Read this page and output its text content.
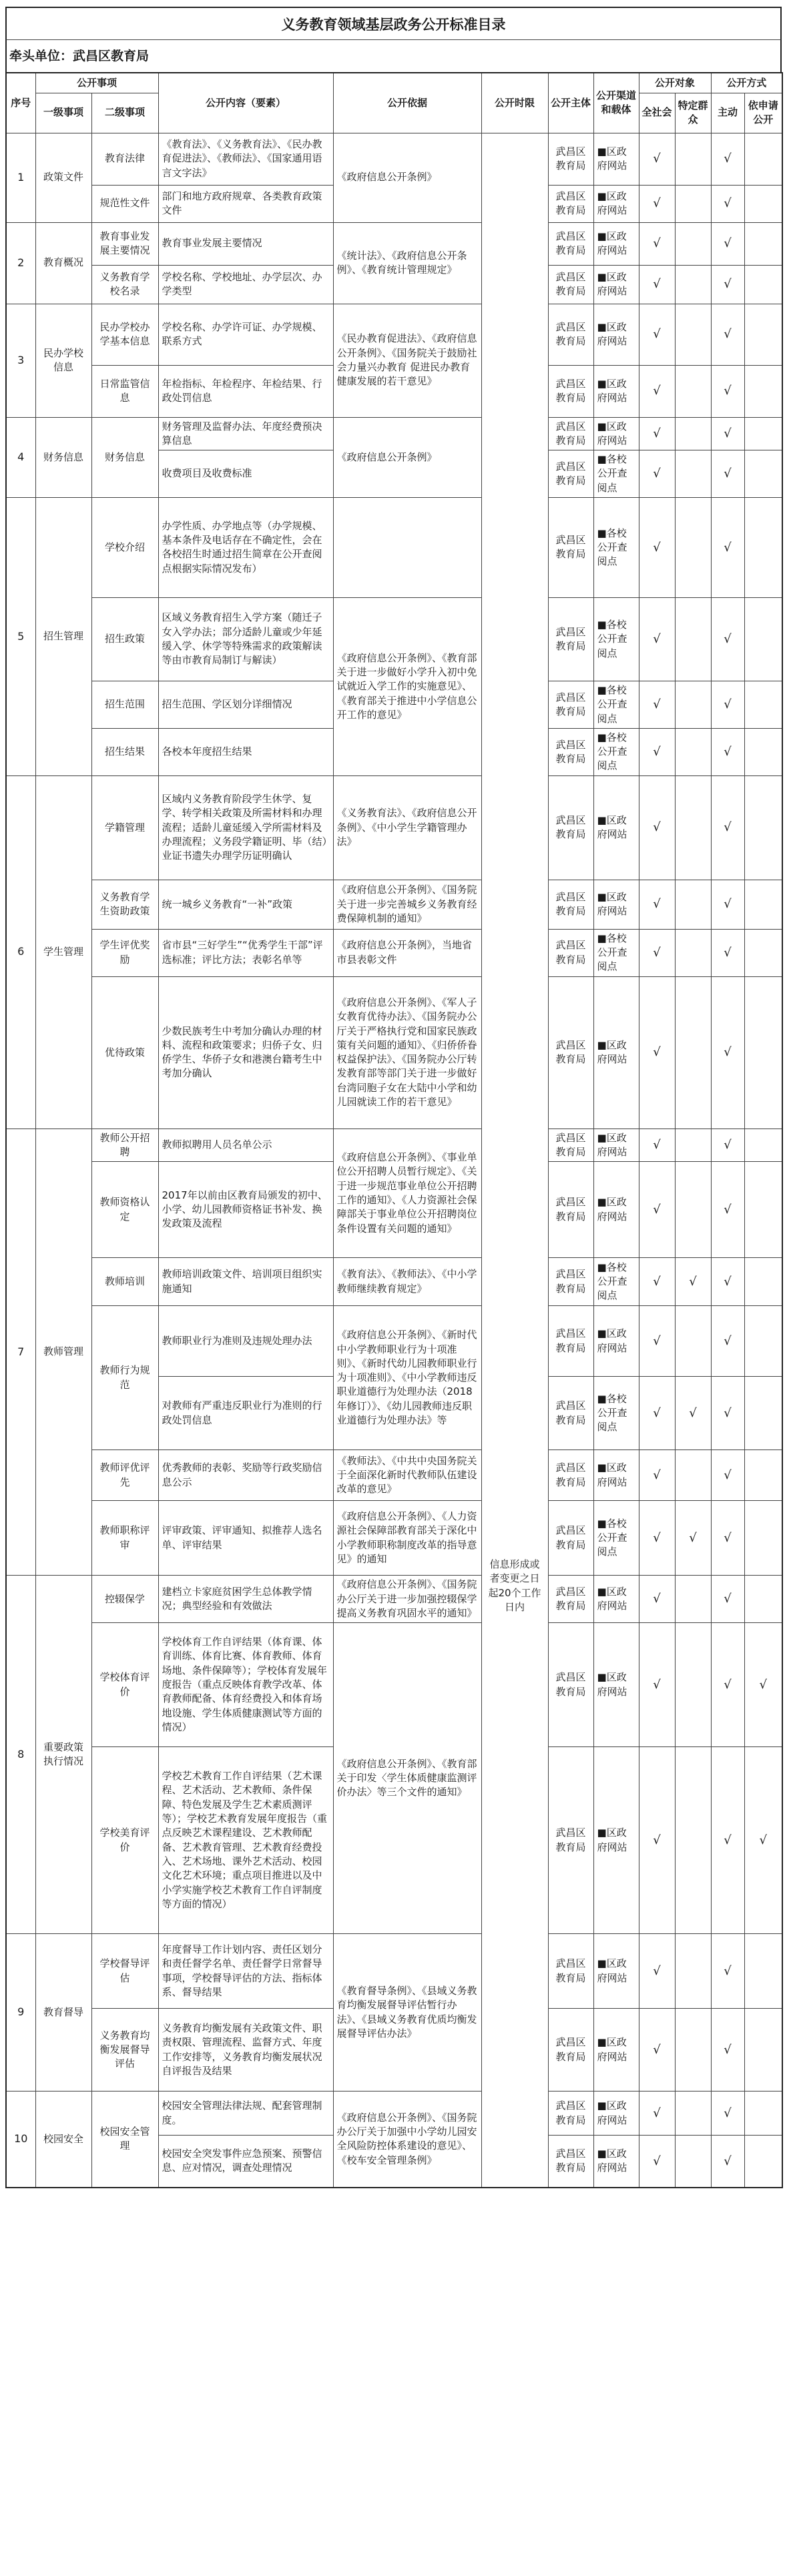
义务教育领域基层政务公开标准目录
牵头单位：武昌区教育局
序号	公开事项		公开内容（要素）	公开依据	公开时限	公开主体	公开渠道和载体	公开对象		公开方式	
	一级事项	二级事项						全社会	特定群众	主动	依申请公开
1	政策文件	教育法律	《教育法》、《义务教育法》、《民办教育促进法》、《教师法》、《国家通用语言文字法》	《政府信息公开条例》	信息形成或者变更之日起20个工作日内	武昌区教育局	■区政府网站	√		√	
		规范性文件	部门和地方政府规章、各类教育政策文件			武昌区教育局	■区政府网站	√		√	
2	教育概况	教育事业发展主要情况	教育事业发展主要情况	《统计法》、《政府信息公开条例》、《教育统计管理规定》		武昌区教育局	■区政府网站	√		√	
		义务教育学校名录	学校名称、学校地址、办学层次、办学类型			武昌区教育局	■区政府网站	√		√	
3	民办学校信息	民办学校办学基本信息	学校名称、办学许可证、办学规模、联系方式	《民办教育促进法》、《政府信息公开条例》、《国务院关于鼓励社会力量兴办教育 促进民办教育健康发展的若干意见》		武昌区教育局	■区政府网站	√		√	
		日常监管信息	年检指标、年检程序、年检结果、行政处罚信息			武昌区教育局	■区政府网站	√		√	
4	财务信息	财务信息	财务管理及监督办法、年度经费预决算信息	《政府信息公开条例》		武昌区教育局	■区政府网站	√		√	
			收费项目及收费标准			武昌区教育局	■各校公开查阅点	√		√	
5	招生管理	学校介绍	办学性质、办学地点等（办学规模、基本条件及电话存在不确定性，会在各校招生时通过招生简章在公开查阅点根据实际情况发布）			武昌区教育局	■各校公开查阅点	√		√	
		招生政策	区域义务教育招生入学方案（随迁子女入学办法；部分适龄儿童或少年延缓入学、休学等特殊需求的政策解读等由市教育局制订与解读）	《政府信息公开条例》、《教育部关于进一步做好小学升入初中免试就近入学工作的实施意见》、《教育部关于推进中小学信息公开工作的意见》		武昌区教育局	■各校公开查阅点	√		√	
		招生范围	招生范围、学区划分详细情况			武昌区教育局	■各校公开查阅点	√		√	
		招生结果	各校本年度招生结果			武昌区教育局	■各校公开查阅点	√		√	
6	学生管理	学籍管理	区域内义务教育阶段学生休学、复学、转学相关政策及所需材料和办理流程；适龄儿童延缓入学所需材料及办理流程；义务段学籍证明、毕（结）业证书遗失办理学历证明确认	《义务教育法》、《政府信息公开条例》、《中小学生学籍管理办法》		武昌区教育局	■区政府网站	√		√	
		义务教育学生资助政策	统一城乡义务教育“一补”政策	《政府信息公开条例》、《国务院关于进一步完善城乡义务教育经费保障机制的通知》		武昌区教育局	■区政府网站	√		√	
		学生评优奖励	省市县“三好学生”“优秀学生干部”评选标准；评比方法；表彰名单等	《政府信息公开条例》，当地省市县表彰文件		武昌区教育局	■各校公开查阅点	√		√	
		优待政策	少数民族考生中考加分确认办理的材料、流程和政策要求；归侨子女、归侨学生、华侨子女和港澳台籍考生中考加分确认	《政府信息公开条例》、《军人子女教育优待办法》、《国务院办公厅关于严格执行党和国家民族政策有关问题的通知》、《归侨侨眷权益保护法》、《国务院办公厅转发教育部等部门关于进一步做好台湾同胞子女在大陆中小学和幼儿园就读工作的若干意见》		武昌区教育局	■区政府网站	√		√	
7	教师管理	教师公开招聘	教师拟聘用人员名单公示	《政府信息公开条例》、《事业单位公开招聘人员暂行规定》、《关于进一步规范事业单位公开招聘工作的通知》、《人力资源社会保障部关于事业单位公开招聘岗位条件设置有关问题的通知》		武昌区教育局	■区政府网站	√		√	
		教师资格认定	2017年以前由区教育局颁发的初中、小学、幼儿园教师资格证书补发、换发政策及流程			武昌区教育局	■区政府网站	√		√	
		教师培训	教师培训政策文件、培训项目组织实施通知	《教育法》、《教师法》、《中小学教师继续教育规定》		武昌区教育局	■各校公开查阅点	√	√	√	
		教师行为规范	教师职业行为准则及违规处理办法	《政府信息公开条例》、《新时代中小学教师职业行为十项准则》、《新时代幼儿园教师职业行为十项准则》、《中小学教师违反职业道德行为处理办法（2018年修订）》、《幼儿园教师违反职业道德行为处理办法》等		武昌区教育局	■区政府网站	√		√	
			对教师有严重违反职业行为准则的行政处罚信息			武昌区教育局	■各校公开查阅点	√	√	√	
		教师评优评先	优秀教师的表彰、奖励等行政奖励信息公示	《教师法》、《中共中央国务院关于全面深化新时代教师队伍建设改革的意见》		武昌区教育局	■区政府网站	√		√	
		教师职称评审	评审政策、评审通知、拟推荐人选名单、评审结果	《政府信息公开条例》、《人力资源社会保障部教育部关于深化中小学教师职称制度改革的指导意见》的通知		武昌区教育局	■各校公开查阅点	√	√	√	
8	重要政策执行情况	控辍保学	建档立卡家庭贫困学生总体教学情况；典型经验和有效做法	《政府信息公开条例》、《国务院办公厅关于进一步加强控辍保学提高义务教育巩固水平的通知》		武昌区教育局	■区政府网站	√		√	
		学校体育评价	学校体育工作自评结果（体育课、体育训练、体育比赛、体育教师、体育场地、条件保障等）；学校体育发展年度报告（重点反映体育教学改革、体育教师配备、体育经费投入和体育场地设施、学生体质健康测试等方面的情况）	《政府信息公开条例》、《教育部关于印发〈学生体质健康监测评价办法〉等三个文件的通知》		武昌区教育局	■区政府网站	√		√	√
		学校美育评价	学校艺术教育工作自评结果（艺术课程、艺术活动、艺术教师、条件保障、特色发展及学生艺术素质测评等）；学校艺术教育发展年度报告（重点反映艺术课程建设、艺术教师配备、艺术教育管理、艺术教育经费投入、艺术场地、课外艺术活动、校园文化艺术环境；重点项目推进以及中小学实施学校艺术教育工作自评制度等方面的情况）			武昌区教育局	■区政府网站	√		√	√
9	教育督导	学校督导评估	年度督导工作计划内容、责任区划分和责任督学名单、责任督学日常督导事项，学校督导评估的方法、指标体系、督导结果	《教育督导条例》、《县域义务教育均衡发展督导评估暂行办法》、《县域义务教育优质均衡发展督导评估办法》		武昌区教育局	■区政府网站	√		√	
		义务教育均衡发展督导评估	义务教育均衡发展有关政策文件、职责权限、管理流程、监督方式、年度工作安排等，义务教育均衡发展状况自评报告及结果			武昌区教育局	■区政府网站	√		√	
10	校园安全	校园安全管理	校园安全管理法律法规、配套管理制度。	《政府信息公开条例》、《国务院办公厅关于加强中小学幼儿园安全风险防控体系建设的意见》、《校车安全管理条例》		武昌区教育局	■区政府网站	√		√	
			校园安全突发事件应急预案、预警信息、应对情况，调查处理情况			武昌区教育局	■区政府网站	√		√	
